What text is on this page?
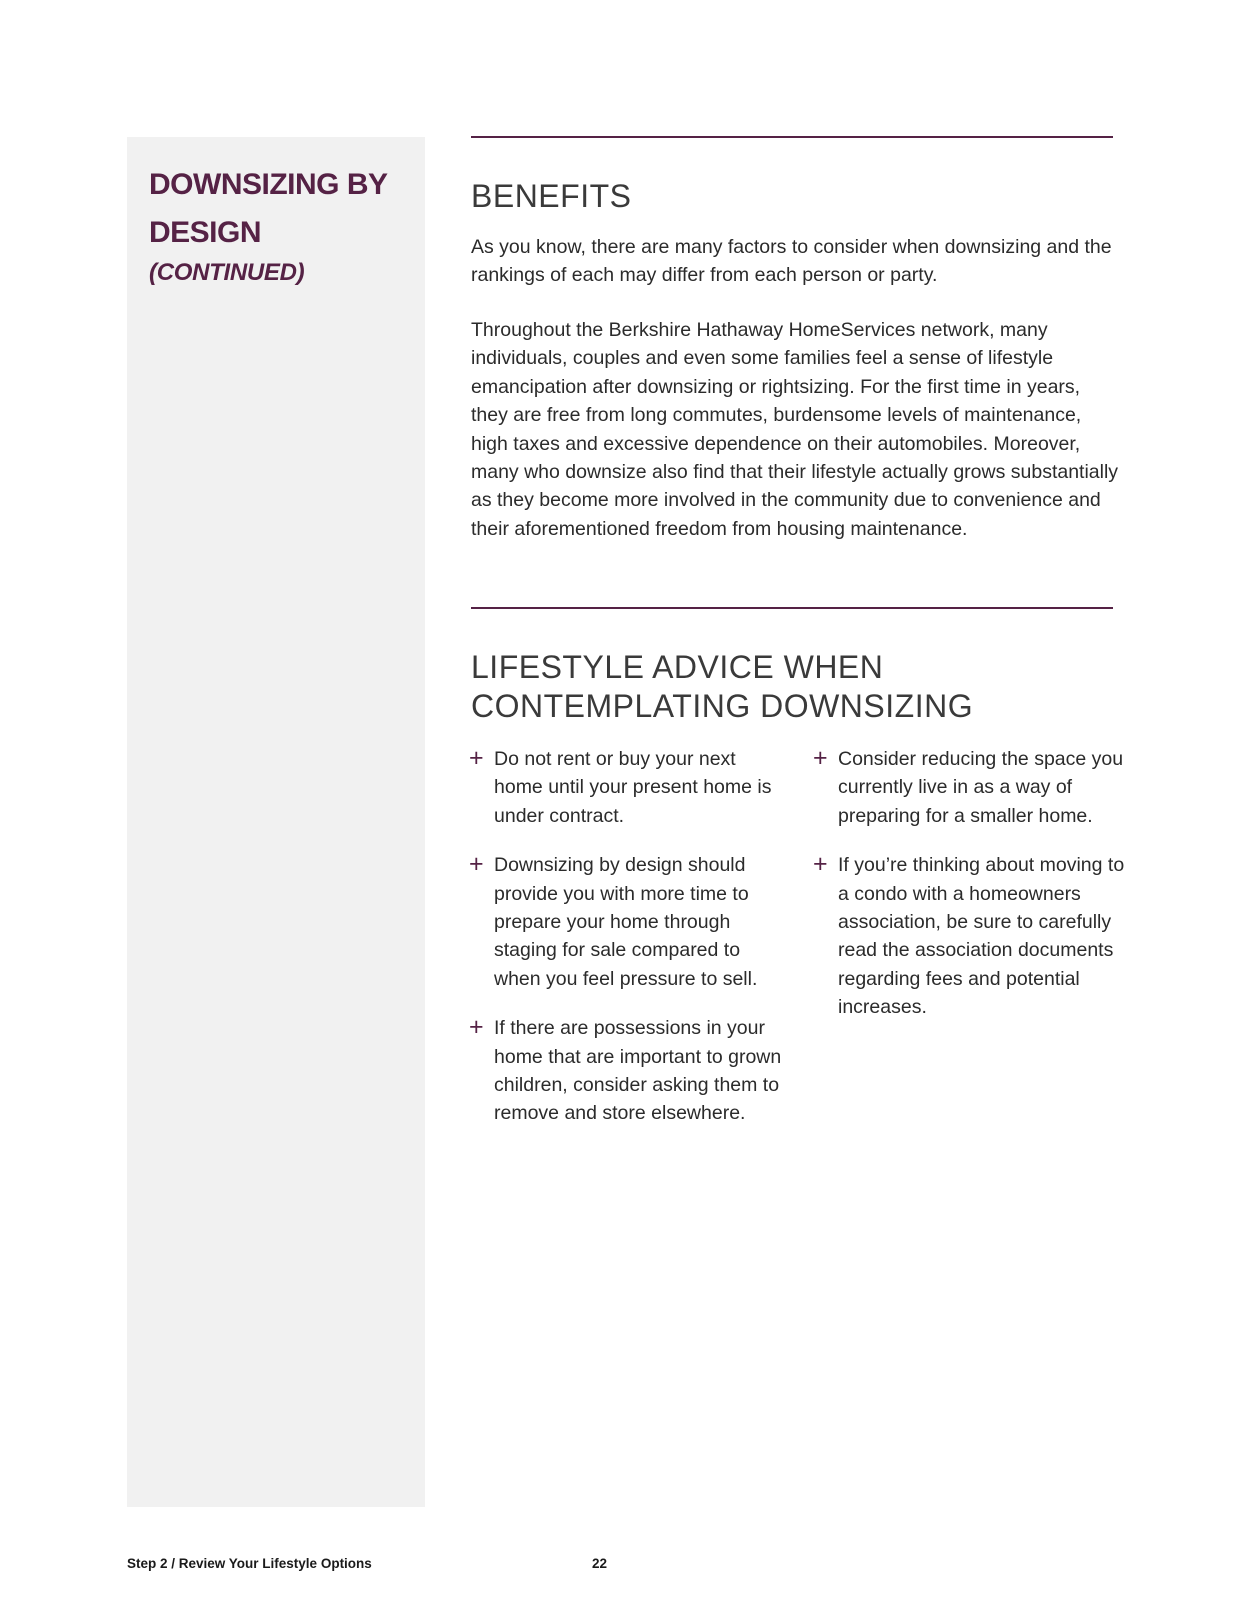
DOWNSIZING BY DESIGN
(CONTINUED)
BENEFITS

As you know, there are many factors to consider when downsizing and the rankings of each may differ from each person or party.

Throughout the Berkshire Hathaway HomeServices network, many individuals, couples and even some families feel a sense of lifestyle emancipation after downsizing or rightsizing. For the first time in years, they are free from long commutes, burdensome levels of maintenance, high taxes and excessive dependence on their automobiles. Moreover, many who downsize also find that their lifestyle actually grows substantially as they become more involved in the community due to convenience and their aforementioned freedom from housing maintenance.

LIFESTYLE ADVICE WHEN CONTEMPLATING DOWNSIZING
+ Do not rent or buy your next home until your present home is under contract.
+ Downsizing by design should provide you with more time to prepare your home through staging for sale compared to when you feel pressure to sell.
+ If there are possessions in your home that are important to grown children, consider asking them to remove and store elsewhere.
+ Consider reducing the space you currently live in as a way of preparing for a smaller home.
+ If you’re thinking about moving to a condo with a homeowners association, be sure to carefully read the association documents regarding fees and potential increases.
Step 2 / Review Your Lifestyle Options	22
